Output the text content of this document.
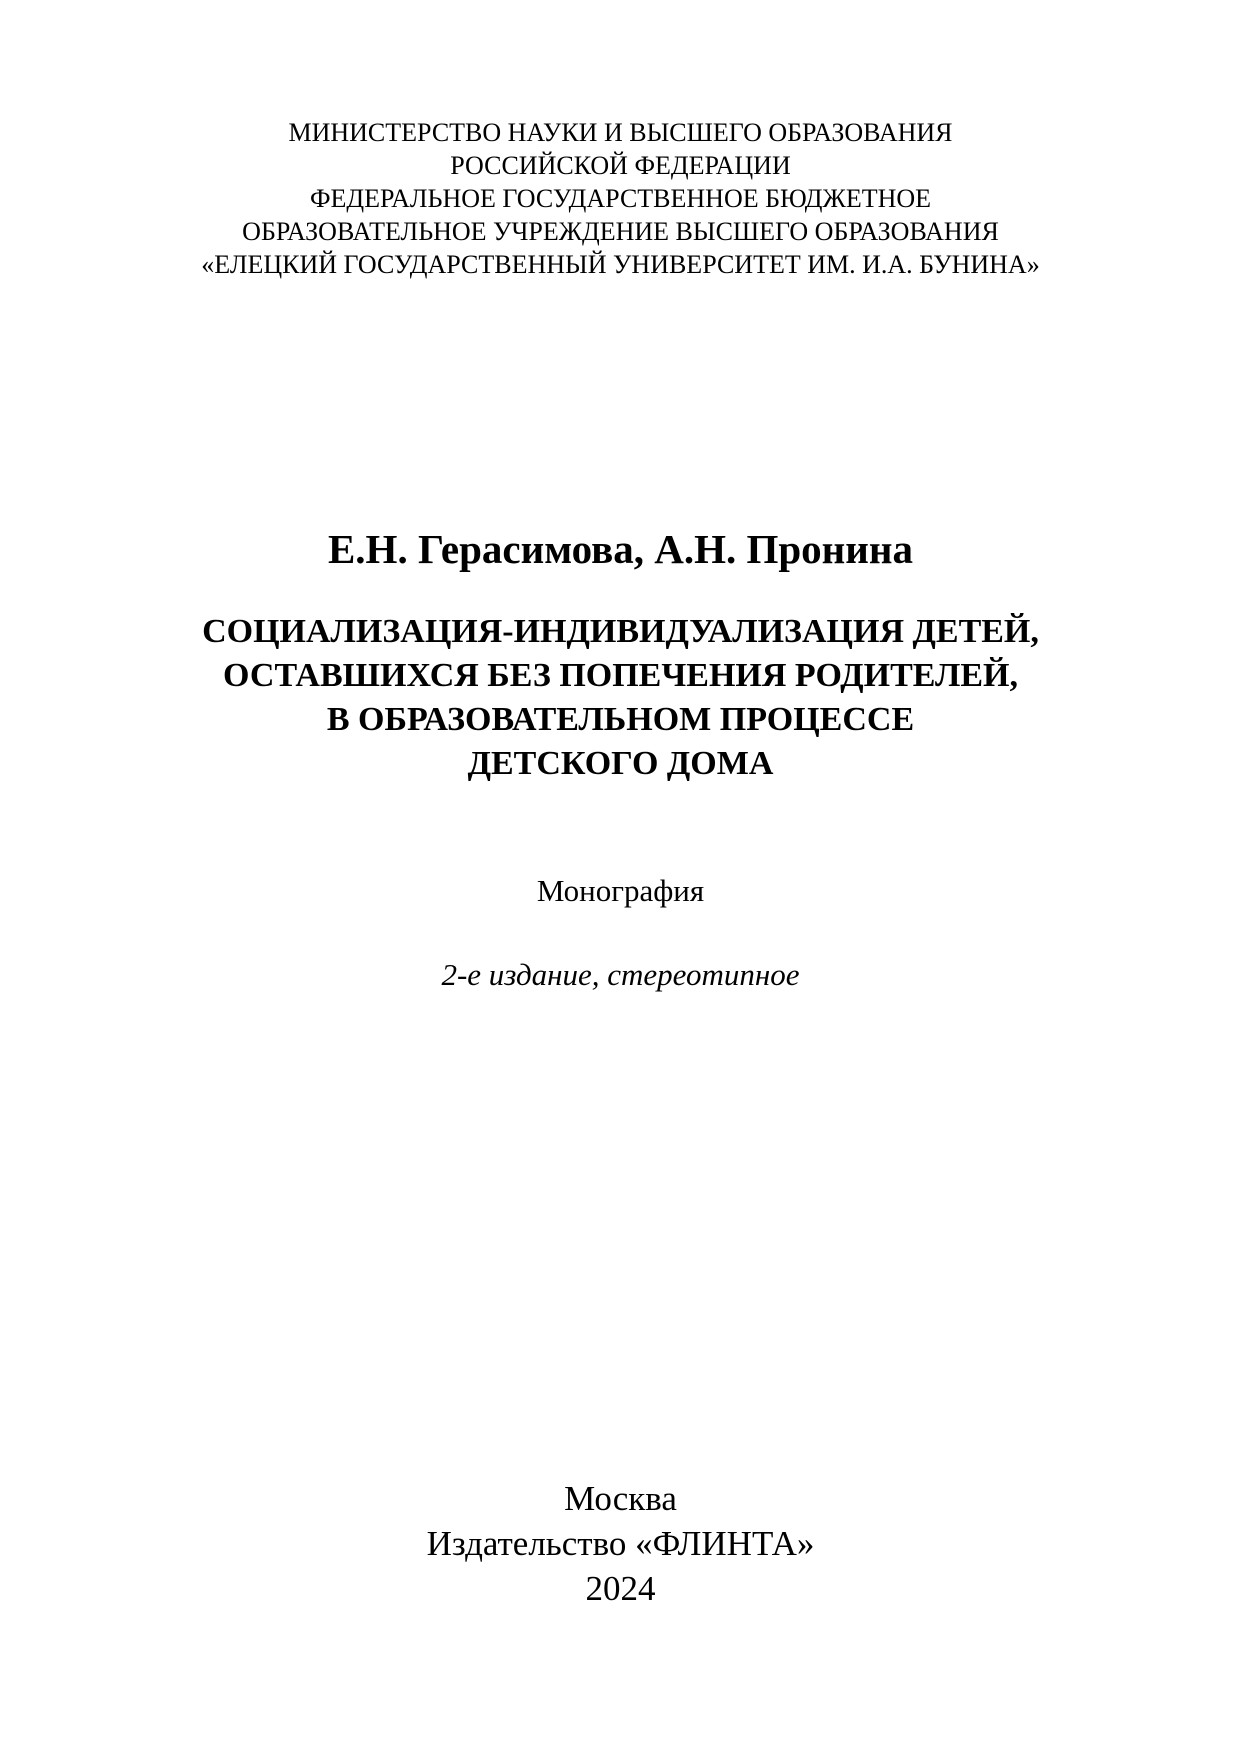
МИНИСТЕРСТВО НАУКИ И ВЫСШЕГО ОБРАЗОВАНИЯ
РОССИЙСКОЙ ФЕДЕРАЦИИ
ФЕДЕРАЛЬНОЕ ГОСУДАРСТВЕННОЕ БЮДЖЕТНОЕ
ОБРАЗОВАТЕЛЬНОЕ УЧРЕЖДЕНИЕ ВЫСШЕГО ОБРАЗОВАНИЯ
«ЕЛЕЦКИЙ ГОСУДАРСТВЕННЫЙ УНИВЕРСИТЕТ ИМ. И.А. БУНИНА»
Е.Н. Герасимова, А.Н. Пронина
СОЦИАЛИЗАЦИЯ-ИНДИВИДУАЛИЗАЦИЯ ДЕТЕЙ,
ОСТАВШИХСЯ БЕЗ ПОПЕЧЕНИЯ РОДИТЕЛЕЙ,
В ОБРАЗОВАТЕЛЬНОМ ПРОЦЕССЕ
ДЕТСКОГО ДОМА
Монография
2-е издание, стереотипное
Москва
Издательство «ФЛИНТА»
2024
